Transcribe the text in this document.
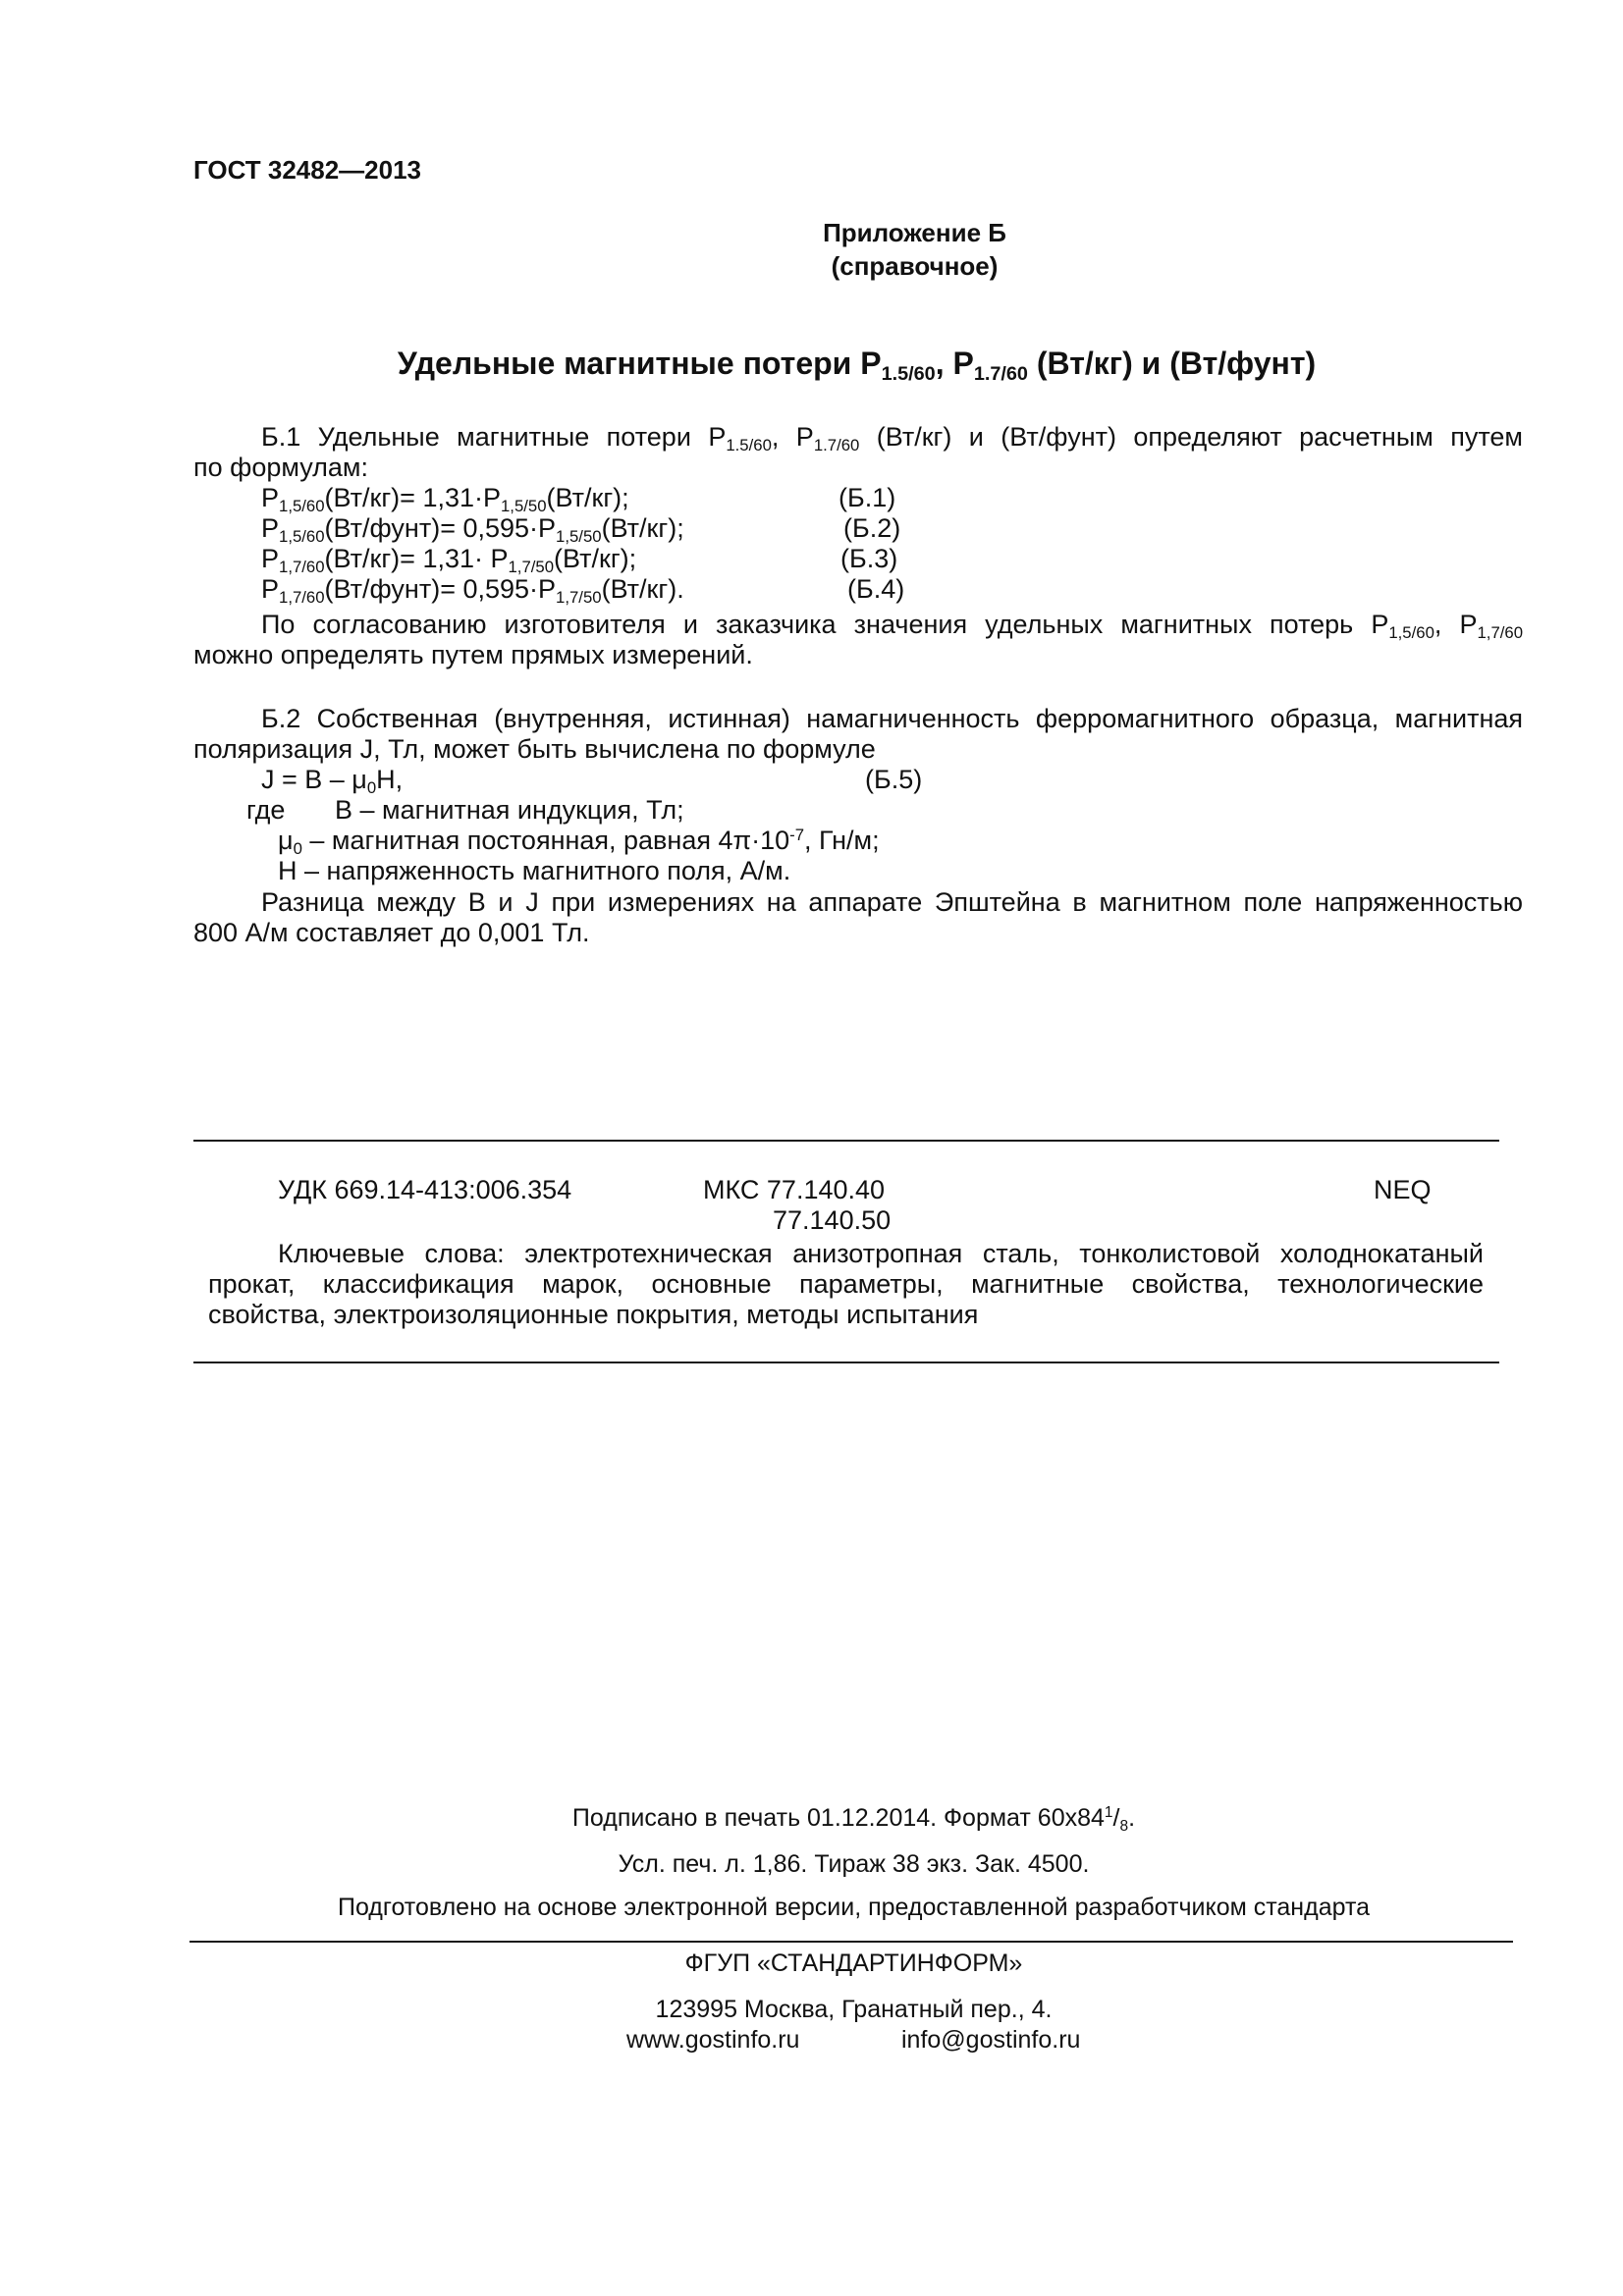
ГОСТ 32482—2013
Приложение Б
(справочное)
Удельные магнитные потери $P_{1.5/60}$, $P_{1.7/60}$ (Вт/кг) и (Вт/фунт)
Б.1 Удельные магнитные потери $P_{1.5/60}$, $P_{1.7/60}$ (Вт/кг) и (Вт/фунт) определяют расчетным путем
по формулам:
$P_{1,5/60}(Вт/кг)= 1,31\cdot P_{1,5/50}(Вт/кг)$;	(Б.1)
$P_{1,5/60}(Вт/фунт)= 0,595\cdot P_{1,5/50}(Вт/кг)$;	(Б.2)
$P_{1,7/60}(Вт/кг)= 1,31\cdot P_{1,7/50}(Вт/кг)$;	(Б.3)
$P_{1,7/60}(Вт/фунт)= 0,595\cdot P_{1,7/50}(Вт/кг)$.	(Б.4)
По согласованию изготовителя и заказчика значения удельных магнитных потерь $P_{1,5/60}$, $P_{1,7/60}$
можно определять путем прямых измерений.
Б.2 Собственная (внутренняя, истинная) намагниченность ферромагнитного образца, магнитная
поляризация J, Тл, может быть вычислена по формуле
$J = B - \mu_0H$,	(Б.5)
где B – магнитная индукция, Тл;
$\mu_0$ – магнитная постоянная, равная $4\pi\cdot 10^{-7}$, Гн/м;
H – напряженность магнитного поля, А/м.
Разница между B и J при измерениях на аппарате Эпштейна в магнитном поле напряженностью
800 А/м составляет до 0,001 Тл.
УДК 669.14-413:006.354	МКС 77.140.40
77.140.50
NEQ
Ключевые слова: электротехническая анизотропная сталь, тонколистовой холоднокатаный
прокат, классификация марок, основные параметры, магнитные свойства, технологические
свойства, электроизоляционные покрытия, методы испытания
Подписано в печать 01.12.2014. Формат $60x84^1/_8$.
Усл. печ. л. 1,86. Тираж 38 экз. Зак. 4500.
Подготовлено на основе электронной версии, предоставленной разработчиком стандарта
ФГУП «СТАНДАРТИНФОРМ»
123995 Москва, Гранатный пер., 4.
www.gostinfo.ru	info@gostinfo.ru
